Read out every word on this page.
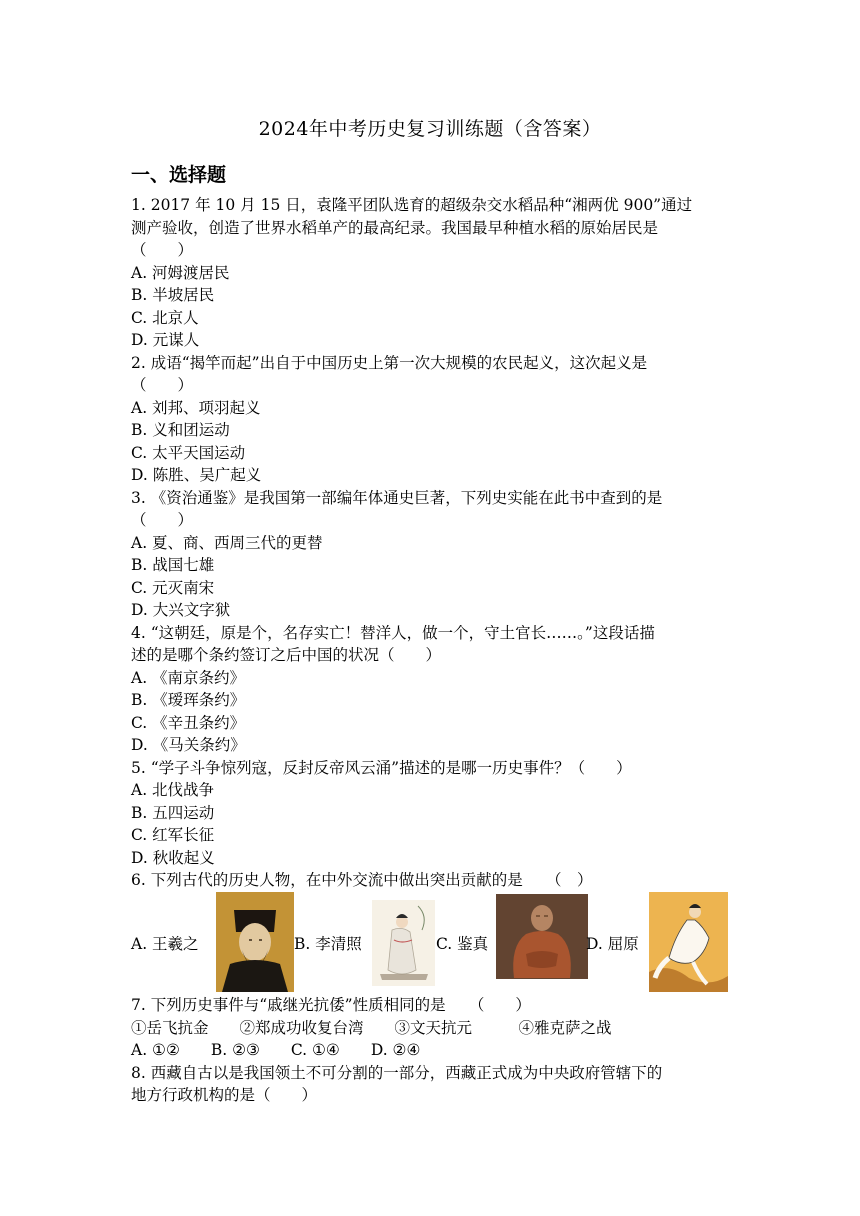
2024年中考历史复习训练题（含答案）
一、选择题
1. 2017 年 10 月 15 日，袁隆平团队选育的超级杂交水稻品种“湘两优 900”通过
测产验收，创造了世界水稻单产的最高纪录。我国最早种植水稻的原始居民是
（　　）
A. 河姆渡居民
B. 半坡居民
C. 北京人
D. 元谋人
2. 成语“揭竿而起”出自于中国历史上第一次大规模的农民起义，这次起义是
（　　）
A. 刘邦、项羽起义
B. 义和团运动
C. 太平天国运动
D. 陈胜、吴广起义
3. 《资治通鉴》是我国第一部编年体通史巨著，下列史实能在此书中查到的是
（　　）
A. 夏、商、西周三代的更替
B. 战国七雄
C. 元灭南宋
D. 大兴文字狱
4. “这朝廷，原是个，名存实亡！替洋人，做一个，守土官长……。”这段话描
述的是哪个条约签订之后中国的状况（　　）
A. 《南京条约》
B. 《瑷珲条约》
C. 《辛丑条约》
D. 《马关条约》
5. “学子斗争惊列寇，反封反帝风云涌”描述的是哪一历史事件？（　　）
A. 北伐战争
B. 五四运动
C. 红军长征
D. 秋收起义
6. 下列古代的历史人物，在中外交流中做出突出贡献的是　　（　）
A. 王羲之	B. 李清照	C. 鉴真	D. 屈原
7. 下列历史事件与“戚继光抗倭”性质相同的是　　（　　）
①岳飞抗金　　②郑成功收复台湾　　③文天抗元　　　④雅克萨之战
A. ①②　　B. ②③　　C. ①④　　D. ②④
8. 西藏自古以是我国领土不可分割的一部分，西藏正式成为中央政府管辖下的
地方行政机构的是（　　）
